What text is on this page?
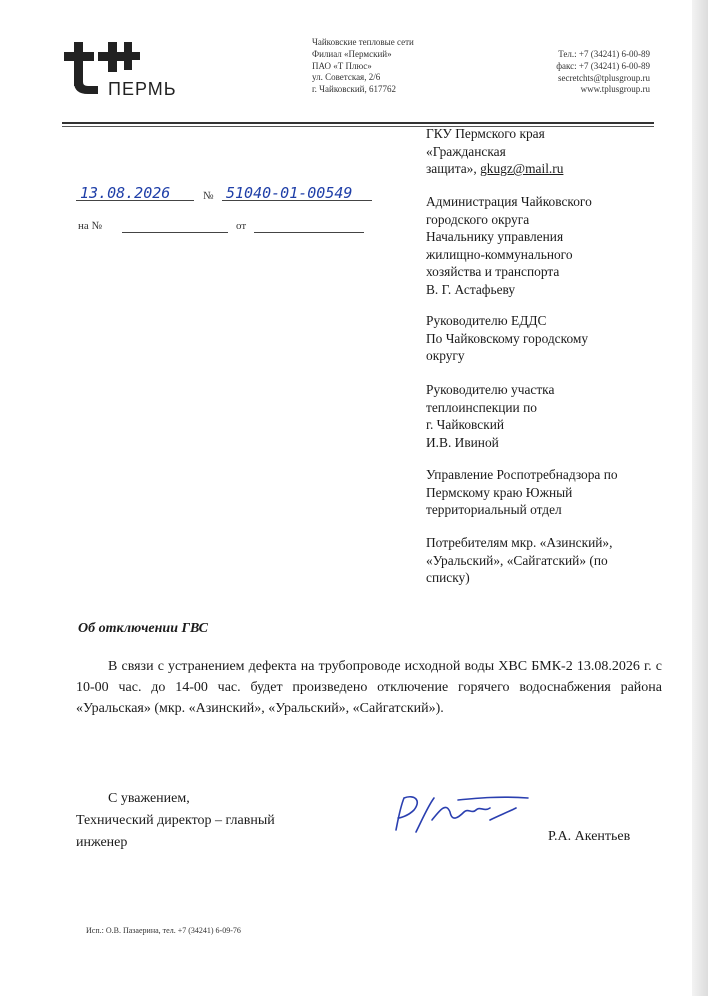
ПЕРМЬ
Чайковские тепловые сети
Филиал «Пермский»
ПАО «Т Плюс»
ул. Советская, 2/6
г. Чайковский, 617762
Тел.: +7 (34241) 6-00-89
факс: +7 (34241) 6-00-89
secretchts@tplusgroup.ru
www.tplusgroup.ru
13.08.2026	№ 51040-01-00549
на №	от
ГКУ Пермского края
«Гражданская
защита», gkugz@mail.ru
Администрация Чайковского
городского округа
Начальнику управления
жилищно-коммунального
хозяйства и транспорта
В. Г. Астафьеву
Руководителю ЕДДС
По Чайковскому городскому
округу
Руководителю участка
теплоинспекции по
г. Чайковский
И.В. Ивиной
Управление Роспотребнадзора по
Пермскому краю Южный
территориальный отдел
Потребителям мкр. «Азинский»,
«Уральский», «Сайгатский» (по
списку)
Об отключении ГВС
В связи с устранением дефекта на трубопроводе исходной воды ХВС БМК-2 13.08.2026 г. с 10-00 час. до 14-00 час. будет произведено отключение горячего водоснабжения района «Уральская» (мкр. «Азинский», «Уральский», «Сайгатский»).
С уважением,
Технический директор – главный
инженер	Р.А. Акентьев
Исп.: О.В. Пазаерина, тел. +7 (34241) 6-09-76
